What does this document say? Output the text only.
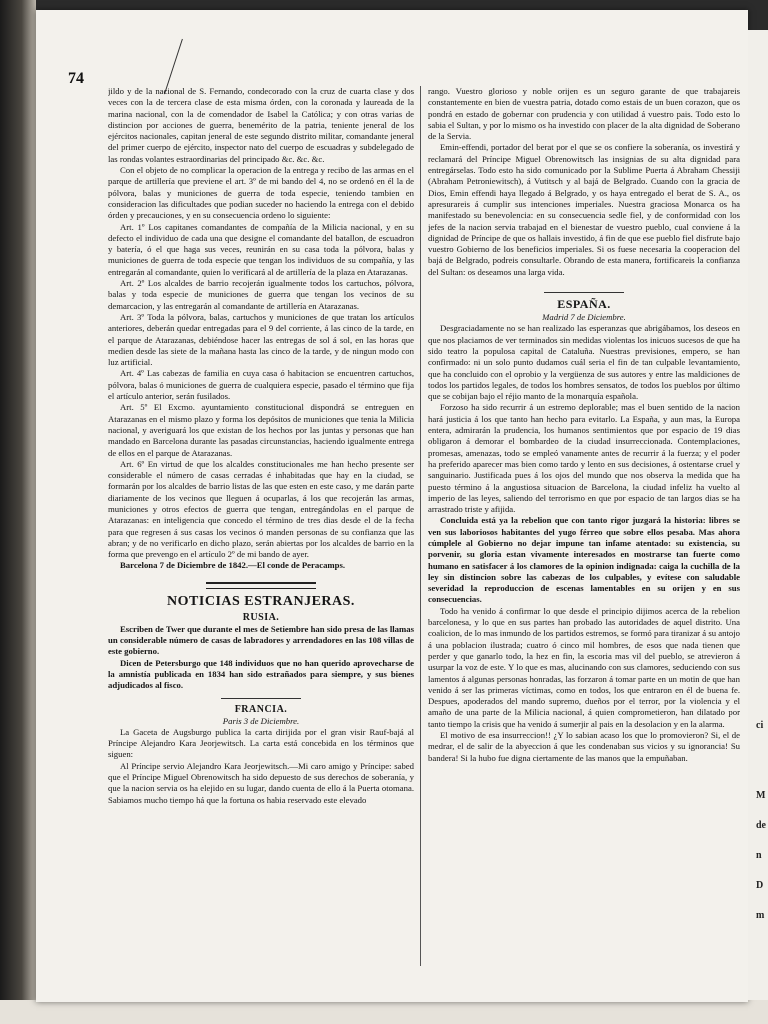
74

jildo y de la nacional de S. Fernando, condecorado con la cruz de cuarta clase y dos veces con la de tercera clase de esta misma órden, con la coronada y laureada de la marina nacional, con la de comendador de Isabel la Católica; y con otras varias de distincion por acciones de guerra, benemérito de la patria, teniente jeneral de los ejércitos nacionales, capitan jeneral de este segundo distrito militar, comandante jeneral del primer cuerpo de ejército, inspector nato del cuerpo de escuadras y subdelegado de las rondas volantes estraordinarias del principado &c. &c. &c.

Con el objeto de no complicar la operacion de la entrega y recibo de las armas en el parque de artillería que previene el art. 3º de mi bando del 4, no se ordenó en él la de pólvora, balas y municiones de guerra de toda especie, teniendo tambien en consideracion las dificultades que podian suceder no haciendo la entrega con el debido órden y precauciones, y en su consecuencia ordeno lo siguiente:

Art. 1º Los capitanes comandantes de compañía de la Milicia nacional, y en su defecto el individuo de cada una que designe el comandante del batallon, de escuadron y batería, ó el que haga sus veces, reunirán en su casa toda la pólvora, balas y municiones de guerra de toda especie que tengan los individuos de su compañía, y las entregarán al comandante, quien lo verificará al de artillería de la plaza en Atarazanas.

Art. 2º Los alcaldes de barrio recojerán igualmente todos los cartuchos, pólvora, balas y toda especie de municiones de guerra que tengan los vecinos de su demarcacion, y las entregarán al comandante de artillería en Atarazanas.

Art. 3º Toda la pólvora, balas, cartuchos y municiones de que tratan los artículos anteriores, deberán quedar entregadas para el 9 del corriente, á las cinco de la tarde, en el parque de Atarazanas, debiéndose hacer las entregas de sol á sol, en las horas que medien desde las siete de la mañana hasta las cinco de la tarde, y de ningun modo con luz artificial.

Art. 4º Las cabezas de familia en cuya casa ó habitacion se encuentren cartuchos, pólvora, balas ó municiones de guerra de cualquiera especie, pasado el término que fija el artículo anterior, serán fusilados.

Art. 5º El Excmo. ayuntamiento constitucional dispondrá se entreguen en Atarazanas en el mismo plazo y forma los depósitos de municiones que tenia la Milicia nacional, y averiguará los que existan de los hechos por las juntas y personas que han mandado en Barcelona durante las pasadas circunstancias, haciendo igualmente entrega de ellos en el parque de Atarazanas.

Art. 6º En virtud de que los alcaldes constitucionales me han hecho presente ser considerable el número de casas cerradas é inhabitadas que hay en la ciudad, se formarán por los alcaldes de barrio listas de las que esten en este caso, y me darán parte diariamente de los vecinos que lleguen á ocuparlas, á los que recojerán las armas, municiones y otros efectos de guerra que tengan, entregándolas en el parque de Atarazanas: en inteligencia que concedo el término de tres dias desde el de la fecha para que regresen á sus casas los vecinos ó manden personas de su confianza que las abran; y de no verificarlo en dicho plazo, serán abiertas por los alcaldes de barrio en la forma que prevengo en el artículo 2º de mi bando de ayer.

Barcelona 7 de Diciembre de 1842.—El conde de Peracamps.

NOTICIAS ESTRANJERAS.

RUSIA.

Escriben de Twer que durante el mes de Setiembre han sido presa de las llamas un considerable número de casas de labradores y arrendadores en las 108 villas de este gobierno.

Dicen de Petersburgo que 148 individuos que no han querido aprovecharse de la amnistía publicada en 1834 han sido estrañados para siempre, y sus bienes adjudicados al fisco.

FRANCIA.

Paris 3 de Diciembre.

La Gaceta de Augsburgo publica la carta dirijida por el gran visir Rauf-bajá al Príncipe Alejandro Kara Jeorjewitsch. La carta está concebida en los términos que siguen:

Al Príncipe servio Alejandro Kara Jeorjewitsch.—Mi caro amigo y Príncipe: sabed que el Príncipe Miguel Obrenowitsch ha sido depuesto de sus derechos de soberanía, y que la nacion servia os ha elejido en su lugar, dando cuenta de ello á la Puerta otomana. Sabiamos mucho tiempo há que la fortuna os habia reservado este elevado

rango. Vuestro glorioso y noble orijen es un seguro garante de que trabajareis constantemente en bien de vuestra patria, dotado como estais de un buen corazon, que os pondrá en estado de gobernar con prudencia y con utilidad á vuestro pais. Todo esto lo sabia el Sultan, y por lo mismo os ha investido con placer de la alta dignidad de Soberano de la Servia.

Emin-effendi, portador del berat por el que se os confiere la soberanía, os investirá y reclamará del Príncipe Miguel Obrenowitsch las insignias de su alta dignidad para entregárselas. Todo esto ha sido comunicado por la Sublime Puerta á Abraham Chessiji (Abraham Petroniewitsch), á Vutitsch y al bajá de Belgrado. Cuando con la gracia de Dios, Emin effendi haya llegado á Belgrado, y os haya entregado el berat de S. A., os apresurareis á cumplir sus intenciones imperiales. Nuestra graciosa Monarca os ha manifestado su benevolencia: en su consecuencia sedle fiel, y de conformidad con los jefes de la nacion servia trabajad en el bienestar de vuestro pueblo, cual conviene á la dignidad de Príncipe de que os hallais investido, á fin de que ese pueblo fiel disfrute bajo vuestro Gobierno de los beneficios imperiales. Si os fuese necesaria la cooperacion del bajá de Belgrado, podreis consultarle. Obrando de esta manera, fortificareis la confianza del Sultan: os deseamos una larga vida.

ESPAÑA.

Madrid 7 de Diciembre.

Desgraciadamente no se han realizado las esperanzas que abrigábamos, los deseos en que nos placiamos de ver terminados sin medidas violentas los inicuos sucesos de que ha sido teatro la populosa capital de Cataluña. Nuestras previsiones, empero, se han confirmado: ni un solo punto dudamos cuál seria el fin de tan culpable levantamiento, que ha concluido con el oprobio y la vergüenza de sus autores y entre las maldiciones de todos los partidos legales, de todos los hombres sensatos, de todos los pueblos por último que se cobijan bajo el réjio manto de la monarquía española.

Forzoso ha sido recurrir á un estremo deplorable; mas el buen sentido de la nacion hará justicia á los que tanto han hecho para evitarlo. La España, y aun mas, la Europa entera, admirarán la prudencia, los humanos sentimientos que por espacio de 19 dias obligaron á demorar el bombardeo de la ciudad insurreccionada. Contemplaciones, promesas, amenazas, todo se empleó vanamente antes de recurrir á la fuerza; y el poder ha preferido aparecer mas bien como tardo y lento en sus decisiones, á ostentarse cruel y sanguinario. Justificada pues á los ojos del mundo que nos observa la medida que ha puesto término á la angustiosa situacion de Barcelona, la ciudad infeliz ha vuelto al imperio de las leyes, saliendo del terrorismo en que por espacio de tan largos dias se ha arrastrado triste y afijida.

Concluida está ya la rebelion que con tanto rigor juzgará la historia: libres se ven sus laboriosos habitantes del yugo férreo que sobre ellos pesaba. Mas ahora cúmplele al Gobierno no dejar impune tan infame atentado: su existencia, su porvenir, su gloria estan vivamente interesados en mostrarse tan fuerte como humano en satisfacer á los clamores de la opinion indignada: caiga la cuchilla de la ley sin distincion sobre las cabezas de los culpables, y evítese con saludable severidad la reproduccion de escenas lamentables en su orijen y en sus consecuencias.

Todo ha venido á confirmar lo que desde el principio dijimos acerca de la rebelion barcelonesa, y lo que en sus partes han probado las autoridades de aquel distrito. Una coalicion, de lo mas inmundo de los partidos estremos, se formó para tiranizar á su antojo á una poblacion ilustrada; cuatro ó cinco mil hombres, de esos que nada tienen que perder y que ganarlo todo, la hez en fin, la escoria mas vil del pueblo, se atrevieron á usurpar la voz de este. Y lo que es mas, alucinando con sus clamores, seduciendo con sus lamentos á algunas personas honradas, las forzaron á tomar parte en un motin de que han venido á ser las primeras víctimas, como en todos, los que entraron en él de buena fe. Despues, apoderados del mando supremo, dueños por el terror, por la violencia y el amaño de una parte de la Milicia nacional, á quien comprometieron, han dilatado por tanto tiempo la crisis que ha venido á sumerjir al pais en la desolacion y en la alarma.

El motivo de esa insurreccion!! ¿Y lo sabian acaso los que lo promovieron? Si, el de medrar, el de salir de la abyeccion á que les condenaban sus vicios y su ignorancia! Su bandera! Si la hubo fue digna ciertamente de las manos que la empuñaban.

ci
M
de
n
D
m
